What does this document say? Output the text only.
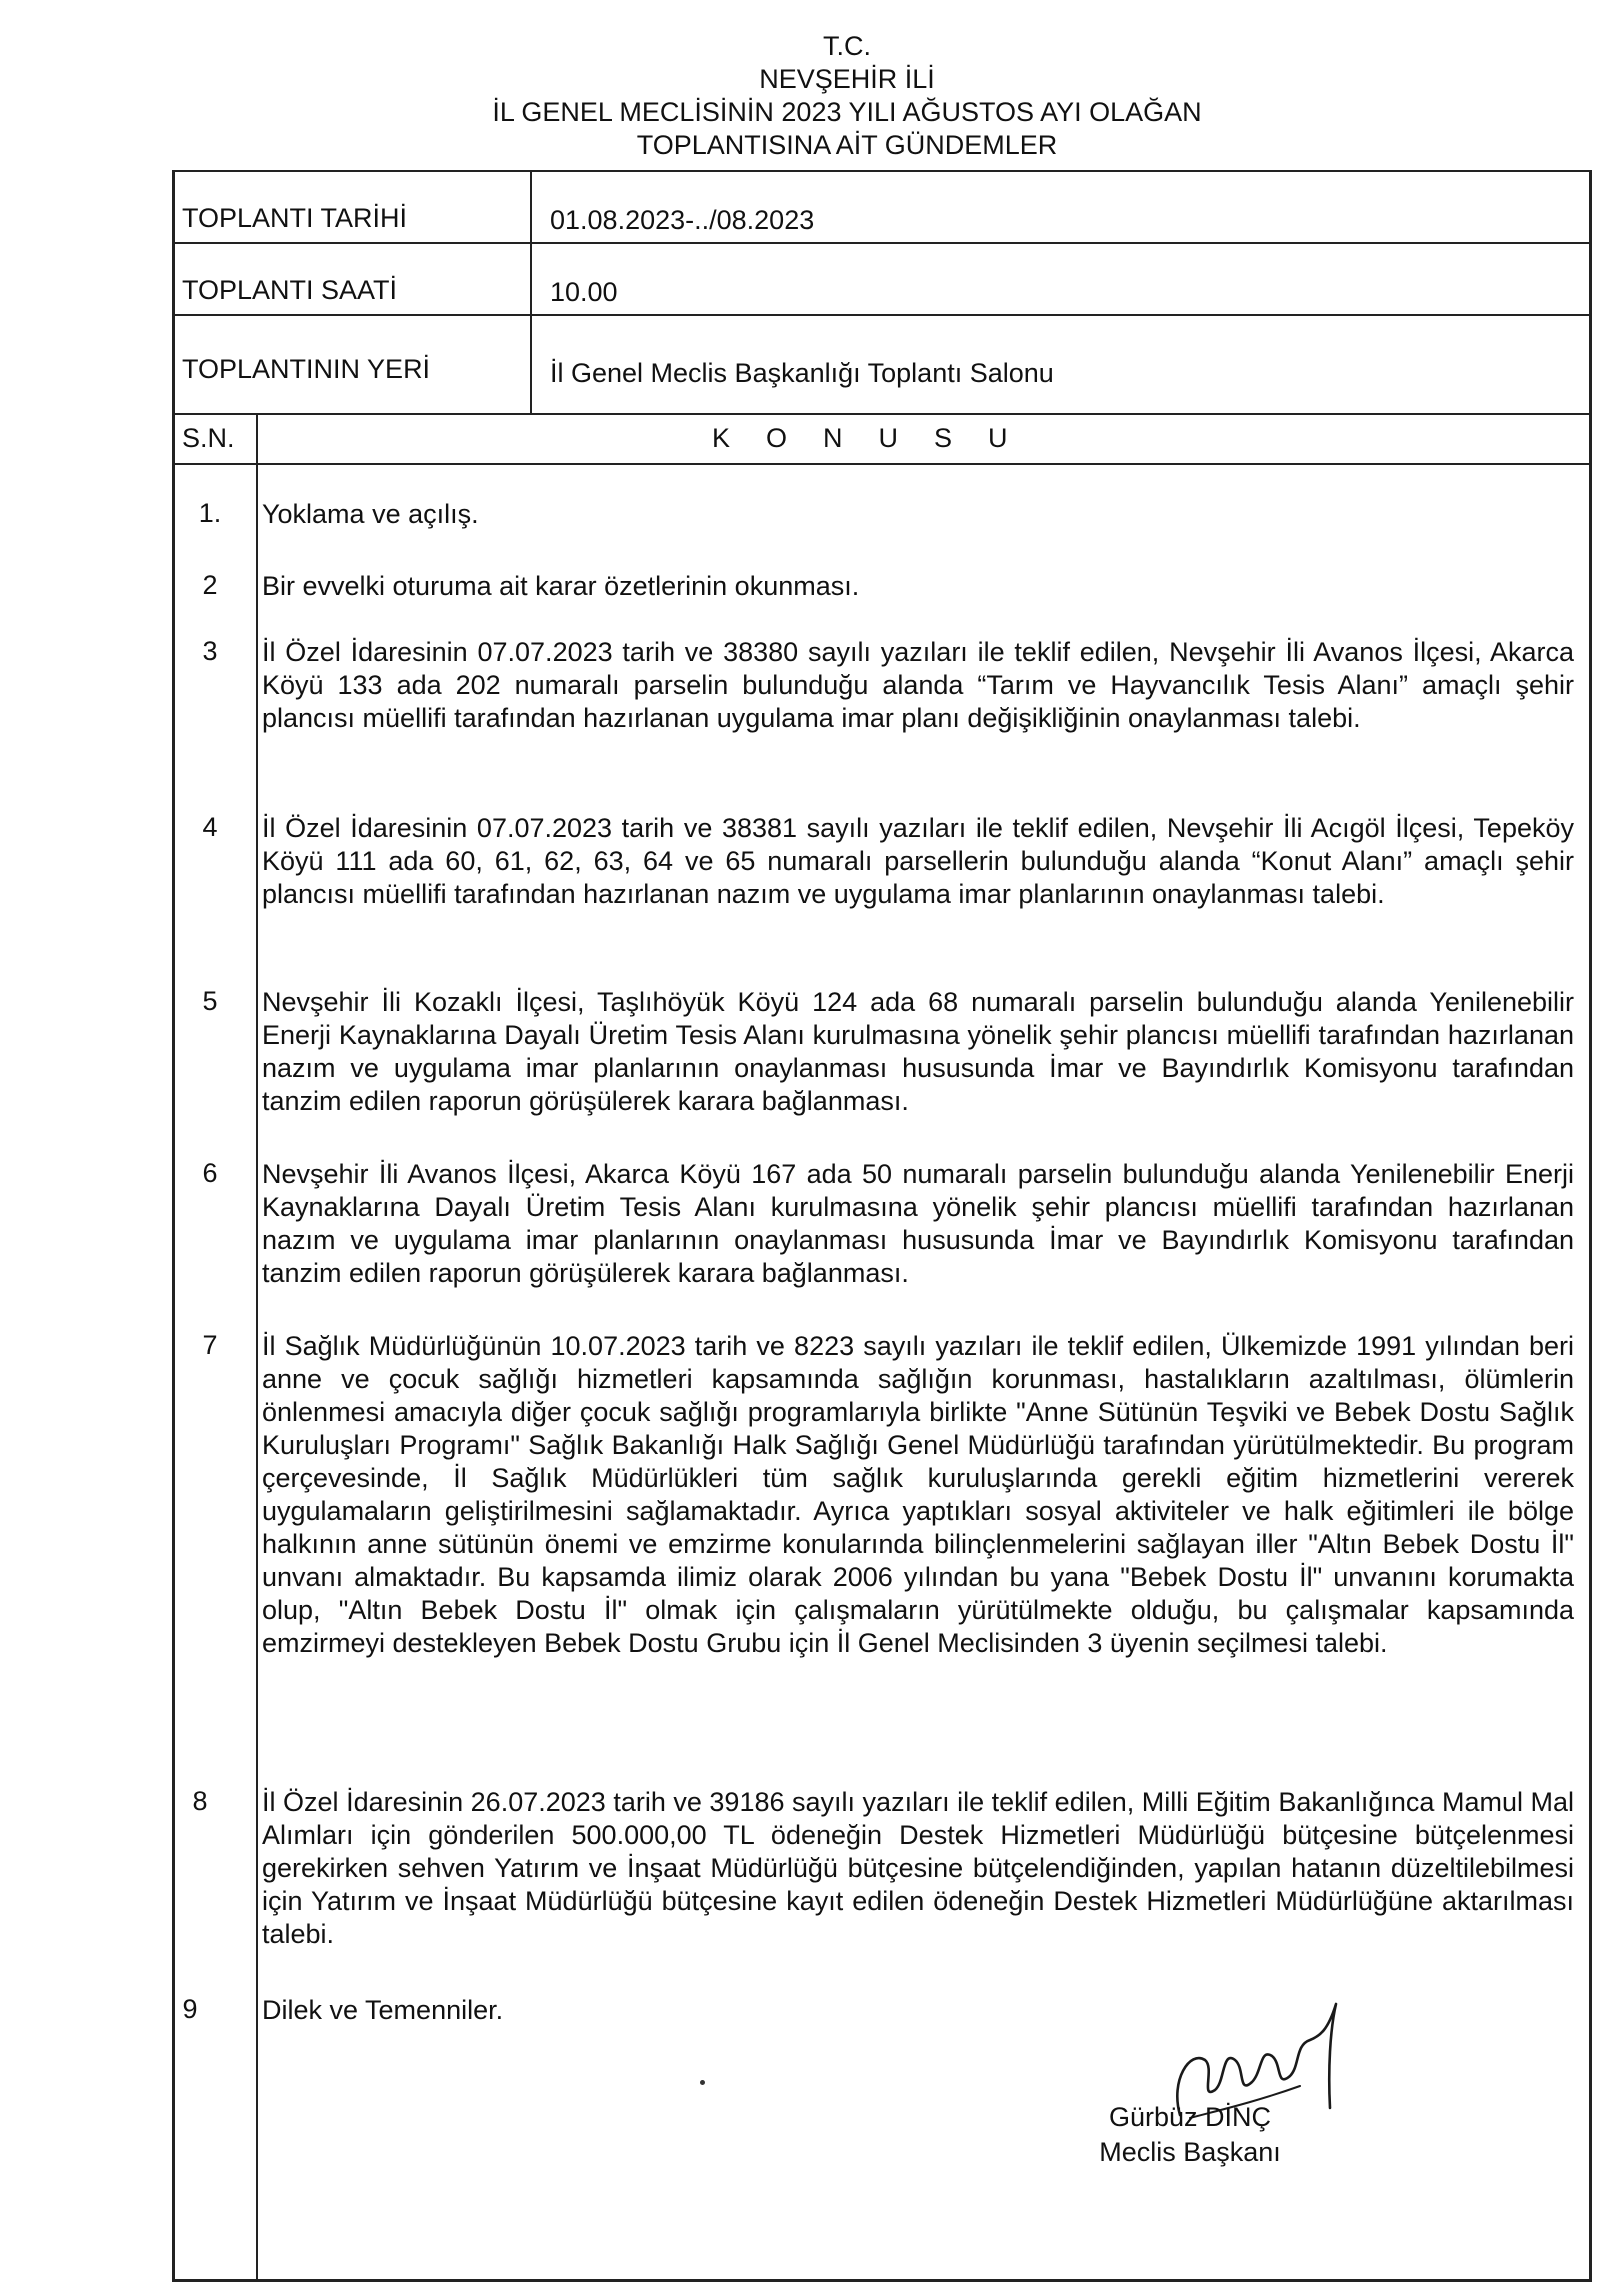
T.C.
NEVŞEHİR İLİ
İL GENEL MECLİSİNİN 2023 YILI AĞUSTOS AYI OLAĞAN
TOPLANTISINA AİT GÜNDEMLER
TOPLANTI TARİHİ	01.08.2023-../08.2023
TOPLANTI SAATİ	10.00
TOPLANTININ YERİ	İl Genel Meclis Başkanlığı Toplantı Salonu
S.N.	KONUSU
1.	Yoklama ve açılış.
2	Bir evvelki oturuma ait karar özetlerinin okunması.
3	İl Özel İdaresinin 07.07.2023 tarih ve 38380 sayılı yazıları ile teklif edilen, Nevşehir İli Avanos İlçesi, Akarca Köyü 133 ada 202 numaralı parselin bulunduğu alanda “Tarım ve Hayvancılık Tesis Alanı” amaçlı şehir plancısı müellifi tarafından hazırlanan uygulama imar planı değişikliğinin onaylanması talebi.
4	İl Özel İdaresinin 07.07.2023 tarih ve 38381 sayılı yazıları ile teklif edilen, Nevşehir İli Acıgöl İlçesi, Tepeköy Köyü 111 ada 60, 61, 62, 63, 64 ve 65 numaralı parsellerin bulunduğu alanda “Konut Alanı” amaçlı şehir plancısı müellifi tarafından hazırlanan nazım ve uygulama imar planlarının onaylanması talebi.
5	Nevşehir İli Kozaklı İlçesi, Taşlıhöyük Köyü 124 ada 68 numaralı parselin bulunduğu alanda Yenilenebilir Enerji Kaynaklarına Dayalı Üretim Tesis Alanı kurulmasına yönelik şehir plancısı müellifi tarafından hazırlanan nazım ve uygulama imar planlarının onaylanması hususunda İmar ve Bayındırlık Komisyonu tarafından tanzim edilen raporun görüşülerek karara bağlanması.
6	Nevşehir İli Avanos İlçesi, Akarca Köyü 167 ada 50 numaralı parselin bulunduğu alanda Yenilenebilir Enerji Kaynaklarına Dayalı Üretim Tesis Alanı kurulmasına yönelik şehir plancısı müellifi tarafından hazırlanan nazım ve uygulama imar planlarının onaylanması hususunda İmar ve Bayındırlık Komisyonu tarafından tanzim edilen raporun görüşülerek karara bağlanması.
7	İl Sağlık Müdürlüğünün 10.07.2023 tarih ve 8223 sayılı yazıları ile teklif edilen, Ülkemizde 1991 yılından beri anne ve çocuk sağlığı hizmetleri kapsamında sağlığın korunması, hastalıkların azaltılması, ölümlerin önlenmesi amacıyla diğer çocuk sağlığı programlarıyla birlikte "Anne Sütünün Teşviki ve Bebek Dostu Sağlık Kuruluşları Programı" Sağlık Bakanlığı Halk Sağlığı Genel Müdürlüğü tarafından yürütülmektedir. Bu program çerçevesinde, İl Sağlık Müdürlükleri tüm sağlık kuruluşlarında gerekli eğitim hizmetlerini vererek uygulamaların geliştirilmesini sağlamaktadır. Ayrıca yaptıkları sosyal aktiviteler ve halk eğitimleri ile bölge halkının anne sütünün önemi ve emzirme konularında bilinçlenmelerini sağlayan iller "Altın Bebek Dostu İl" unvanı almaktadır. Bu kapsamda ilimiz olarak 2006 yılından bu yana "Bebek Dostu İl" unvanını korumakta olup, "Altın Bebek Dostu İl" olmak için çalışmaların yürütülmekte olduğu, bu çalışmalar kapsamında emzirmeyi destekleyen Bebek Dostu Grubu için İl Genel Meclisinden 3 üyenin seçilmesi talebi.
8	İl Özel İdaresinin 26.07.2023 tarih ve 39186 sayılı yazıları ile teklif edilen, Milli Eğitim Bakanlığınca Mamul Mal Alımları için gönderilen 500.000,00 TL ödeneğin Destek Hizmetleri Müdürlüğü bütçesine bütçelenmesi gerekirken sehven Yatırım ve İnşaat Müdürlüğü bütçesine bütçelendiğinden, yapılan hatanın düzeltilebilmesi için Yatırım ve İnşaat Müdürlüğü bütçesine kayıt edilen ödeneğin Destek Hizmetleri Müdürlüğüne aktarılması talebi.
9	Dilek ve Temenniler.
Gürbüz DİNÇ
Meclis Başkanı
